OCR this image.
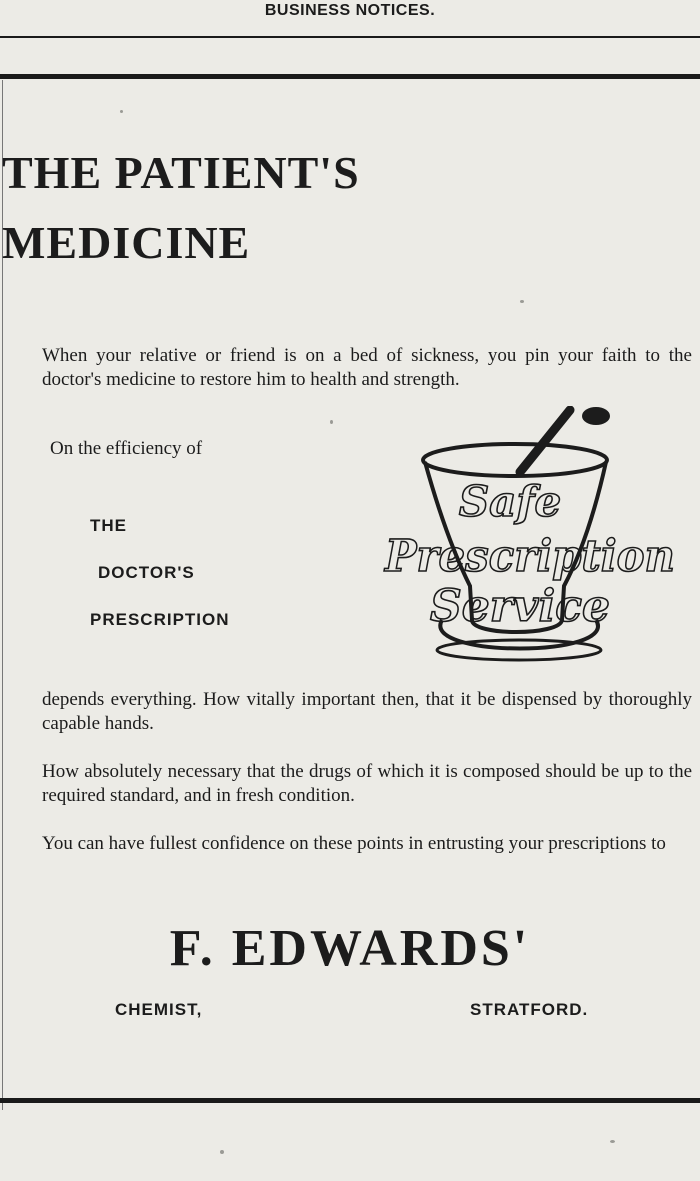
BUSINESS NOTICES.
THE PATIENT'S
MEDICINE

When your relative or friend is on a bed of sickness, you pin your faith to the doctor's medicine to restore him to health and strength.

On the efficiency of
THE
DOCTOR'S
PRESCRIPTION
Safe
Prescription
Service

depends everything. How vitally important then, that it be dispensed by thoroughly capable hands.

How absolutely necessary that the drugs of which it is composed should be up to the required standard, and in fresh condition.

You can have fullest confidence on these points in entrusting your prescriptions to

F. EDWARDS'
CHEMIST,	STRATFORD.
